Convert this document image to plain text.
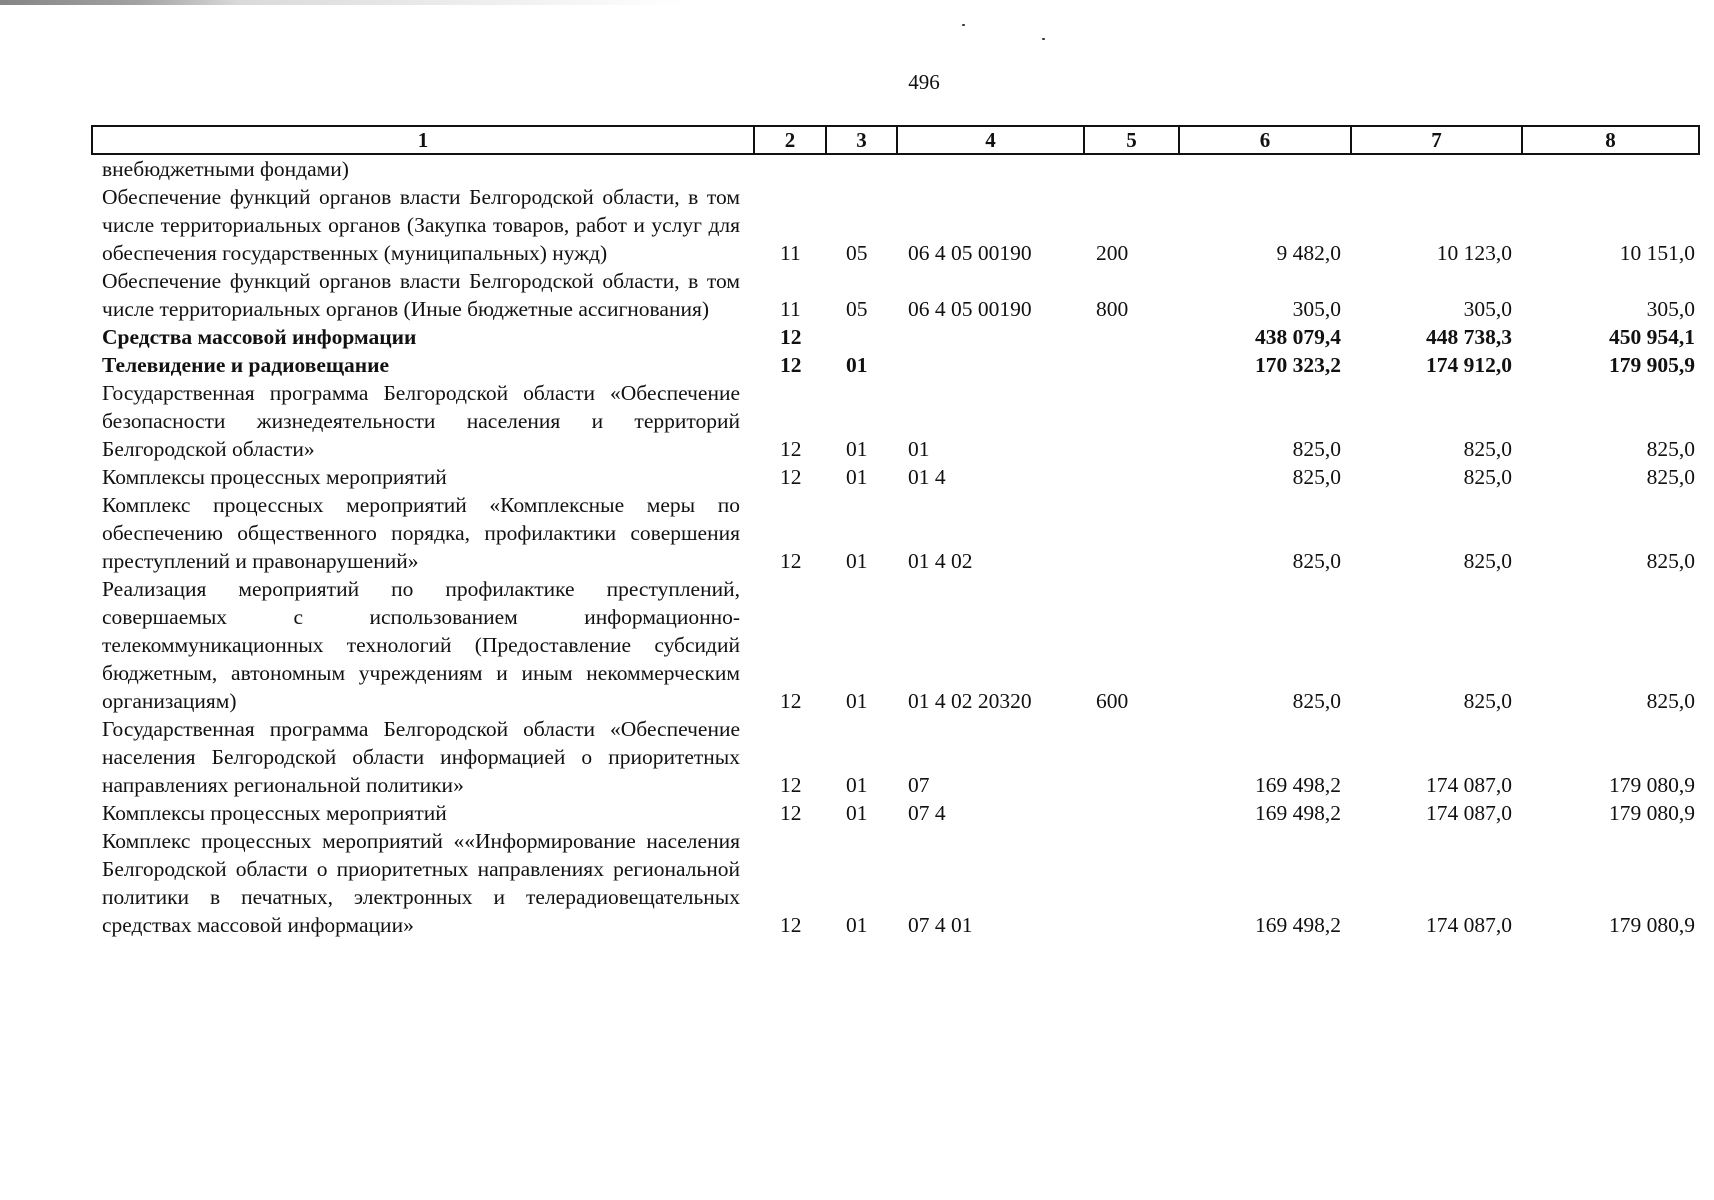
496
1	2	3	4	5	6	7	8
внебюджетными фондами)							
Обеспечение функций органов власти Белгородской области, в том числе территориальных органов (Закупка товаров, работ и услуг для обеспечения государственных (муниципальных) нужд)	11	05	06 4 05 00190	200	9 482,0	10 123,0	10 151,0
Обеспечение функций органов власти Белгородской области, в том числе территориальных органов (Иные бюджетные ассигнования)	11	05	06 4 05 00190	800	305,0	305,0	305,0
Средства массовой информации	12				438 079,4	448 738,3	450 954,1
Телевидение и радиовещание	12	01			170 323,2	174 912,0	179 905,9
Государственная программа Белгородской области «Обеспечение безопасности жизнедеятельности населения и территорий Белгородской области»	12	01	01		825,0	825,0	825,0
Комплексы процессных мероприятий	12	01	01 4		825,0	825,0	825,0
Комплекс процессных мероприятий «Комплексные меры по обеспечению общественного порядка, профилактики совершения преступлений и правонарушений»	12	01	01 4 02		825,0	825,0	825,0
Реализация мероприятий по профилактике преступлений, совершаемых с использованием информационно-телекоммуникационных технологий (Предоставление субсидий бюджетным, автономным учреждениям и иным некоммерческим организациям)	12	01	01 4 02 20320	600	825,0	825,0	825,0
Государственная программа Белгородской области «Обеспечение населения Белгородской области информацией о приоритетных направлениях региональной политики»	12	01	07		169 498,2	174 087,0	179 080,9
Комплексы процессных мероприятий	12	01	07 4		169 498,2	174 087,0	179 080,9
Комплекс процессных мероприятий ««Информирование населения Белгородской области о приоритетных направлениях региональной политики в печатных, электронных и телерадиовещательных средствах массовой информации»	12	01	07 4 01		169 498,2	174 087,0	179 080,9
